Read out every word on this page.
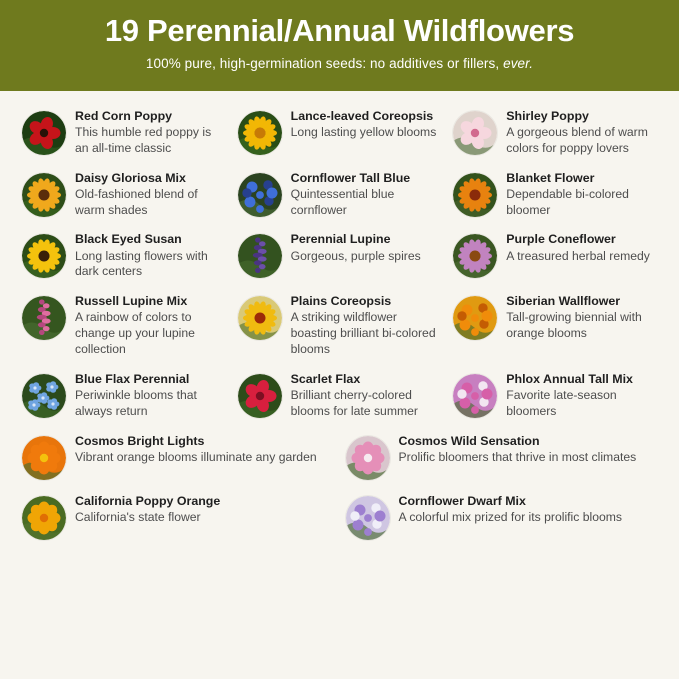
19 Perennial/Annual Wildflowers
100% pure, high-germination seeds: no additives or fillers, ever.
Red Corn Poppy
This humble red poppy is an all-time classic
Lance-leaved Coreopsis
Long lasting yellow blooms
Shirley Poppy
A gorgeous blend of warm colors for poppy lovers
Daisy Gloriosa Mix
Old-fashioned blend of warm shades
Cornflower Tall Blue
Quintessential blue cornflower
Blanket Flower
Dependable bi-colored bloomer
Black Eyed Susan
Long lasting flowers with dark centers
Perennial Lupine
Gorgeous, purple spires
Purple Coneflower
A treasured herbal remedy
Russell Lupine Mix
A rainbow of colors to change up your lupine collection
Plains Coreopsis
A striking wildflower boasting brilliant bi-colored blooms
Siberian Wallflower
Tall-growing biennial with orange blooms
Blue Flax Perennial
Periwinkle blooms that always return
Scarlet Flax
Brilliant cherry-colored blooms for late summer
Phlox Annual Tall Mix
Favorite late-season bloomers
Cosmos Bright Lights
Vibrant orange blooms illuminate any garden
Cosmos Wild Sensation
Prolific bloomers that thrive in most climates
California Poppy Orange
California's state flower
Cornflower Dwarf Mix
A colorful mix prized for its prolific blooms
